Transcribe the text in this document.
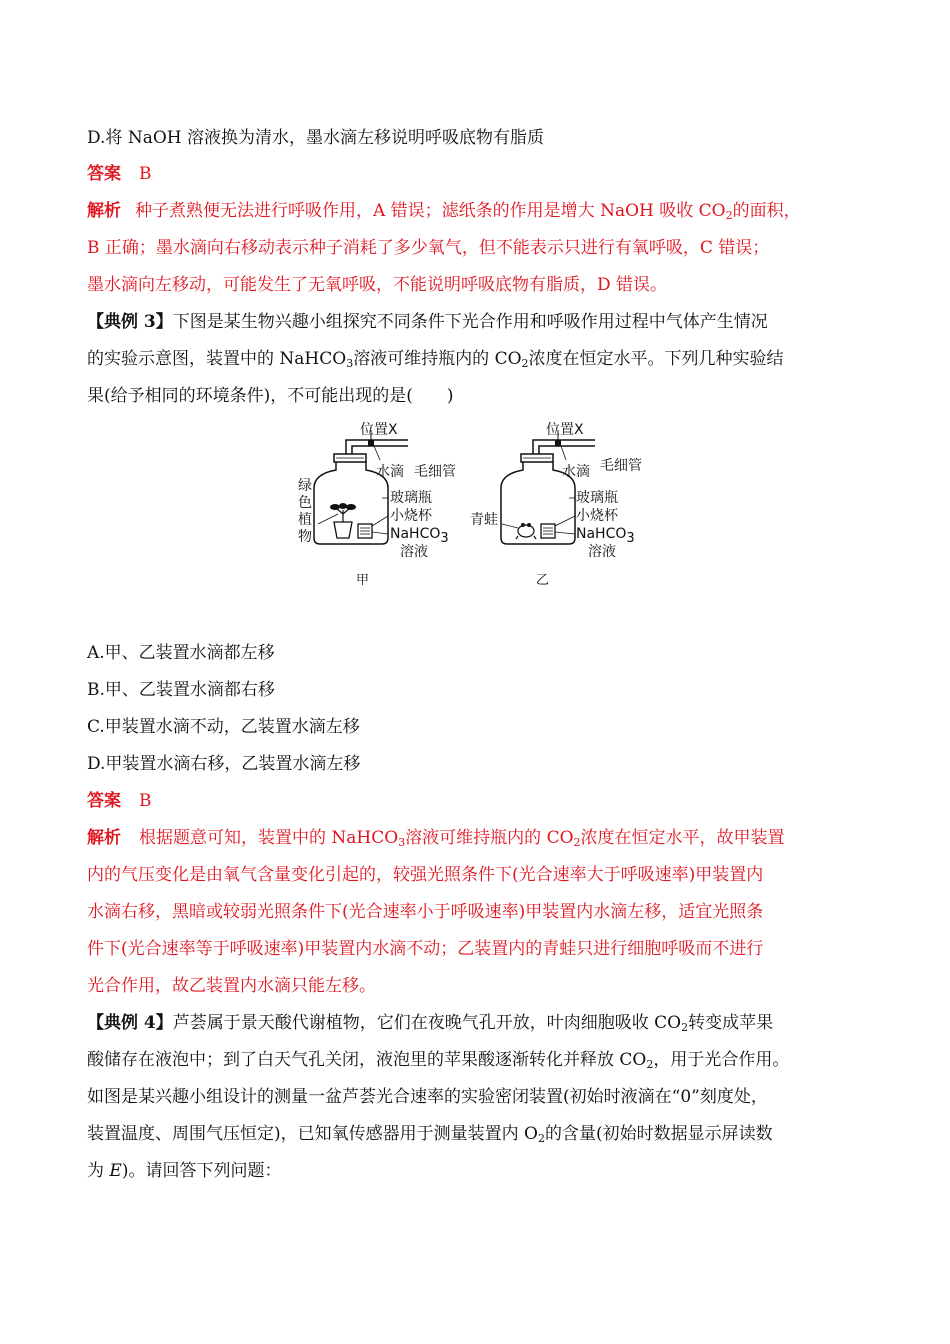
D.将 NaOH 溶液换为清水，墨水滴左移说明呼吸底物有脂质
答案 B
解析 种子煮熟便无法进行呼吸作用，A 错误；滤纸条的作用是增大 NaOH 吸收 $CO_2$的面积，
B 正确；墨水滴向右移动表示种子消耗了多少氧气，但不能表示只进行有氧呼吸，C 错误；
墨水滴向左移动，可能发生了无氧呼吸，不能说明呼吸底物有脂质，D 错误。
【典例 3】下图是某生物兴趣小组探究不同条件下光合作用和呼吸作用过程中气体产生情况
的实验示意图，装置中的 NaHCO$_3$溶液可维持瓶内的 $CO_2$浓度在恒定水平。下列几种实验结
果(给予相同的环境条件)，不可能出现的是(　　)
位置X
水滴 毛细管
玻璃瓶
小烧杯
NaHCO3
溶液
绿
色
植
物
甲
位置X
水滴 毛细管
玻璃瓶
小烧杯
NaHCO3
溶液
青蛙
乙
A.甲、乙装置水滴都左移
B.甲、乙装置水滴都右移
C.甲装置水滴不动，乙装置水滴左移
D.甲装置水滴右移，乙装置水滴左移
答案 B
解析 根据题意可知，装置中的 NaHCO$_3$溶液可维持瓶内的 $CO_2$浓度在恒定水平，故甲装置
内的气压变化是由氧气含量变化引起的，较强光照条件下(光合速率大于呼吸速率)甲装置内
水滴右移，黑暗或较弱光照条件下(光合速率小于呼吸速率)甲装置内水滴左移，适宜光照条
件下(光合速率等于呼吸速率)甲装置内水滴不动；乙装置内的青蛙只进行细胞呼吸而不进行
光合作用，故乙装置内水滴只能左移。
【典例 4】芦荟属于景天酸代谢植物，它们在夜晚气孔开放，叶肉细胞吸收 $CO_2$转变成苹果
酸储存在液泡中；到了白天气孔关闭，液泡里的苹果酸逐渐转化并释放 $CO_2$，用于光合作用。
如图是某兴趣小组设计的测量一盆芦荟光合速率的实验密闭装置(初始时液滴在“0”刻度处，
装置温度、周围气压恒定)，已知氧传感器用于测量装置内 $O_2$的含量(初始时数据显示屏读数
为 E)。请回答下列问题：
